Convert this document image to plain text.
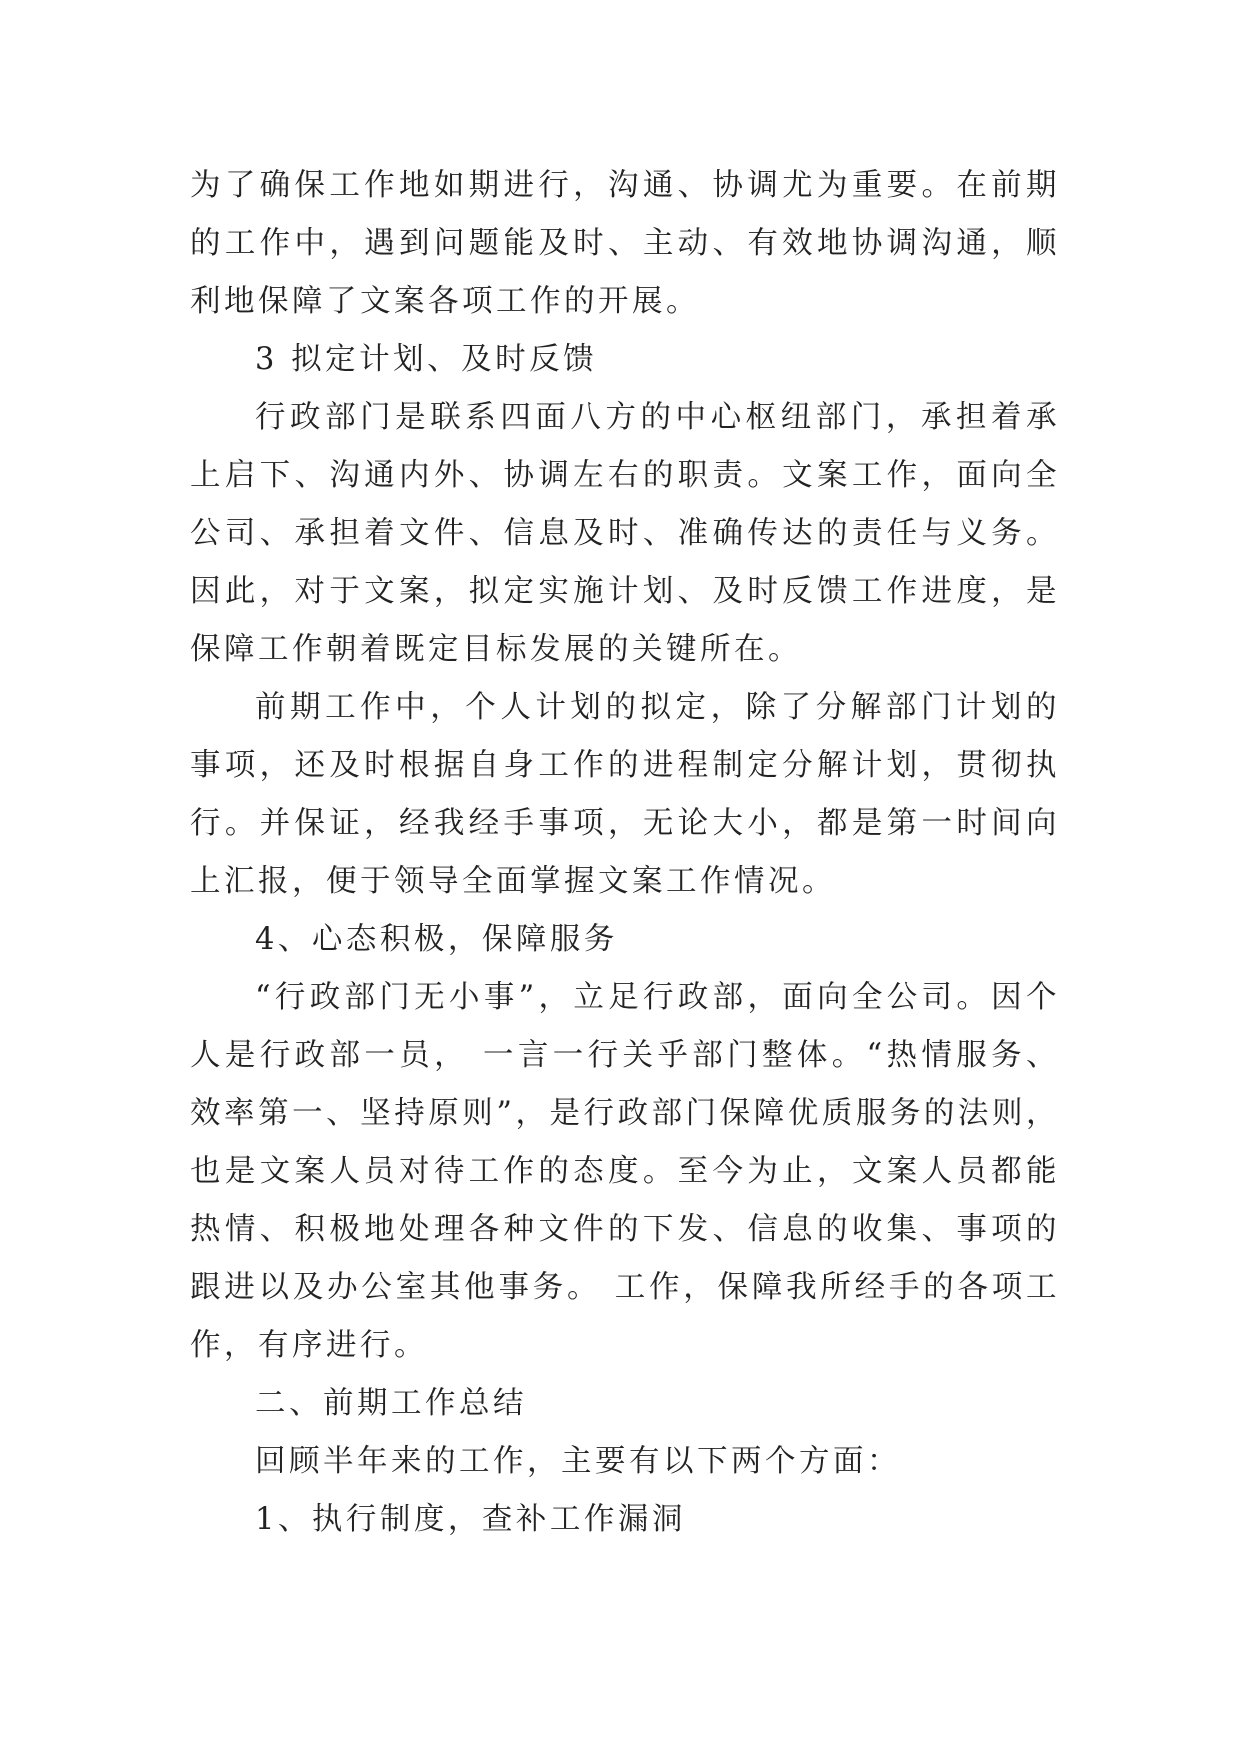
为了确保工作地如期进行，沟通、协调尤为重要。在前期的工作中，遇到问题能及时、主动、有效地协调沟通，顺利地保障了文案各项工作的开展。

3 拟定计划、及时反馈

行政部门是联系四面八方的中心枢纽部门，承担着承上启下、沟通内外、协调左右的职责。文案工作，面向全公司、承担着文件、信息及时、准确传达的责任与义务。因此，对于文案，拟定实施计划、及时反馈工作进度，是保障工作朝着既定目标发展的关键所在。

前期工作中，个人计划的拟定，除了分解部门计划的事项，还及时根据自身工作的进程制定分解计划，贯彻执行。并保证，经我经手事项，无论大小，都是第一时间向上汇报，便于领导全面掌握文案工作情况。

4、心态积极，保障服务

“行政部门无小事”，立足行政部，面向全公司。因个人是行政部一员， 一言一行关乎部门整体。“热情服务、效率第一、坚持原则”，是行政部门保障优质服务的法则，也是文案人员对待工作的态度。至今为止，文案人员都能热情、积极地处理各种文件的下发、信息的收集、事项的跟进以及办公室其他事务。 工作，保障我所经手的各项工作，有序进行。

二、前期工作总结

回顾半年来的工作，主要有以下两个方面：

1、执行制度，查补工作漏洞
